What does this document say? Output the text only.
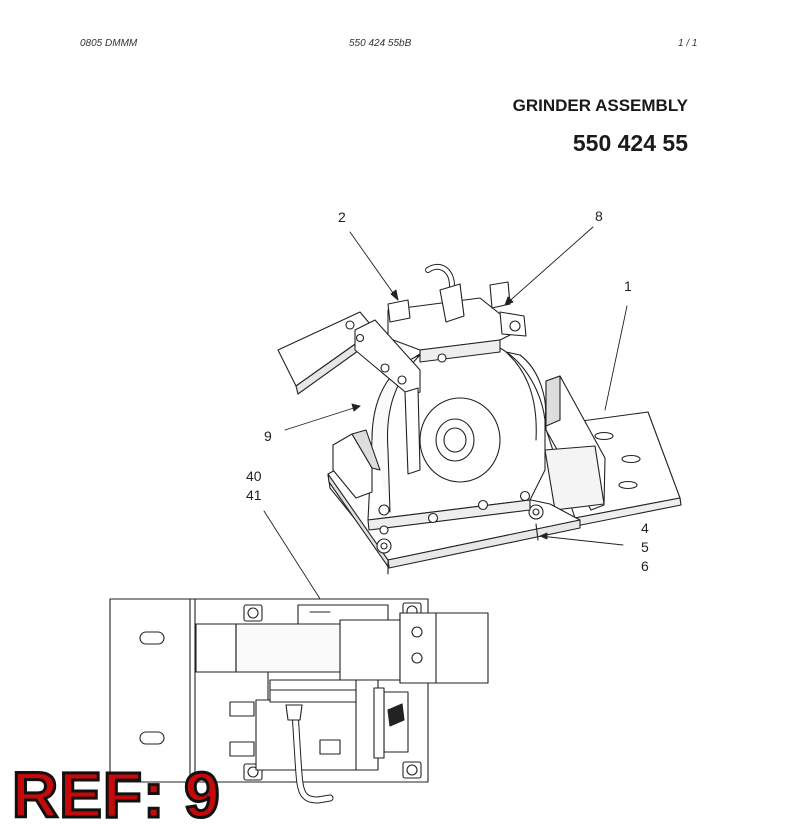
0805 DMMM	550 424 55bB	1 / 1
GRINDER ASSEMBLY
550 424 55
2	8
1
9
40
41
4
5
6
REF: 9
